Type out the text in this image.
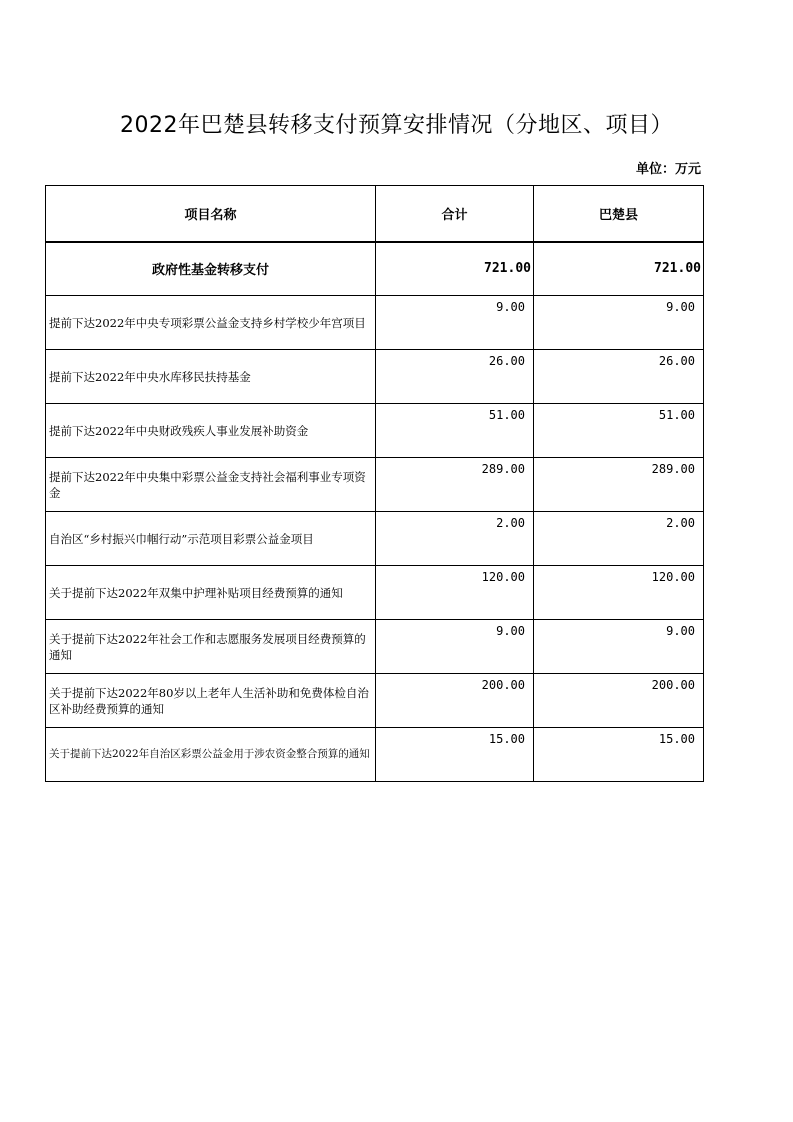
2022年巴楚县转移支付预算安排情况（分地区、项目）
单位：万元
项目名称	合计	巴楚县
政府性基金转移支付	721.00	721.00
提前下达2022年中央专项彩票公益金支持乡村学校少年宫项目	9.00	9.00
提前下达2022年中央水库移民扶持基金	26.00	26.00
提前下达2022年中央财政残疾人事业发展补助资金	51.00	51.00
提前下达2022年中央集中彩票公益金支持社会福利事业专项资金	289.00	289.00
自治区“乡村振兴巾帼行动”示范项目彩票公益金项目	2.00	2.00
关于提前下达2022年双集中护理补贴项目经费预算的通知	120.00	120.00
关于提前下达2022年社会工作和志愿服务发展项目经费预算的通知	9.00	9.00
关于提前下达2022年80岁以上老年人生活补助和免费体检自治区补助经费预算的通知	200.00	200.00
关于提前下达2022年自治区彩票公益金用于涉农资金整合预算的通知	15.00	15.00
